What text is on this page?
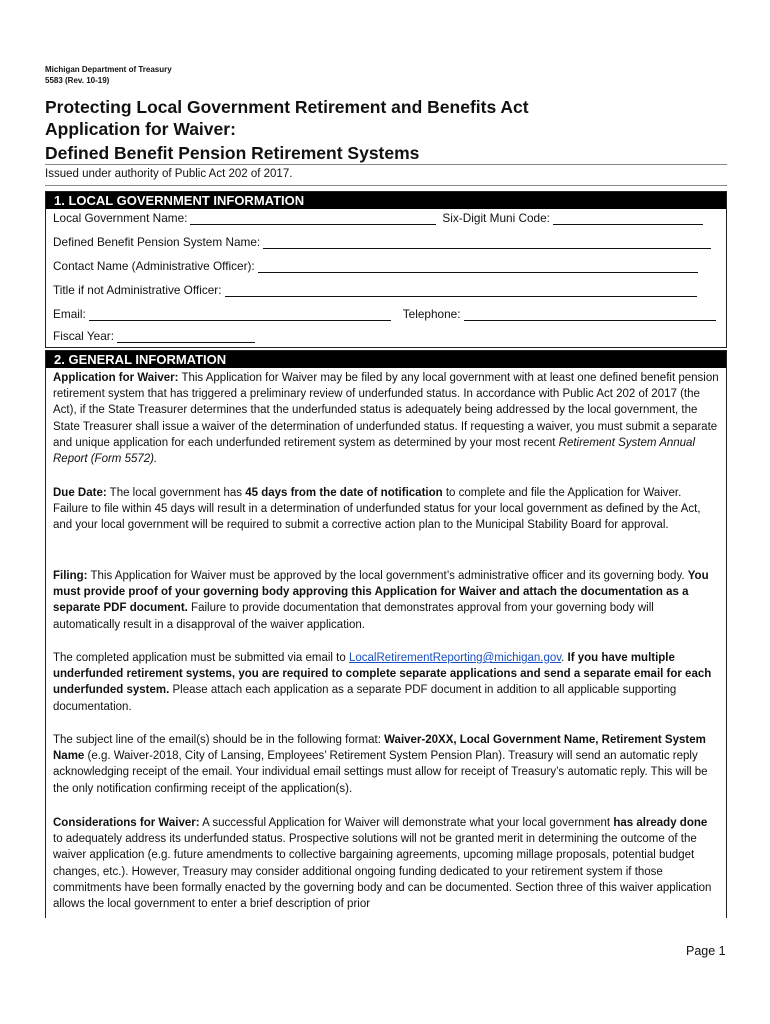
Michigan Department of Treasury
5583 (Rev. 10-19)
Protecting Local Government Retirement and Benefits Act
Application for Waiver:
Defined Benefit Pension Retirement Systems
Issued under authority of Public Act 202 of 2017.
1. LOCAL GOVERNMENT INFORMATION
Local Government Name:	Six-Digit Muni Code:
Defined Benefit Pension System Name:
Contact Name (Administrative Officer):
Title if not Administrative Officer:
Email:	Telephone:
Fiscal Year:
2. GENERAL INFORMATION
Application for Waiver: This Application for Waiver may be filed by any local government with at least one defined benefit pension retirement system that has triggered a preliminary review of underfunded status. In accordance with Public Act 202 of 2017 (the Act), if the State Treasurer determines that the underfunded status is adequately being addressed by the local government, the State Treasurer shall issue a waiver of the determination of underfunded status. If requesting a waiver, you must submit a separate and unique application for each underfunded retirement system as determined by your most recent Retirement System Annual Report (Form 5572).
Due Date: The local government has 45 days from the date of notification to complete and file the Application for Waiver. Failure to file within 45 days will result in a determination of underfunded status for your local government as defined by the Act, and your local government will be required to submit a corrective action plan to the Municipal Stability Board for approval.
Filing: This Application for Waiver must be approved by the local government’s administrative officer and its governing body. You must provide proof of your governing body approving this Application for Waiver and attach the documentation as a separate PDF document. Failure to provide documentation that demonstrates approval from your governing body will automatically result in a disapproval of the waiver application.
The completed application must be submitted via email to LocalRetirementReporting@michigan.gov. If you have multiple underfunded retirement systems, you are required to complete separate applications and send a separate email for each underfunded system. Please attach each application as a separate PDF document in addition to all applicable supporting documentation.
The subject line of the email(s) should be in the following format: Waiver-20XX, Local Government Name, Retirement System Name (e.g. Waiver-2018, City of Lansing, Employees’ Retirement System Pension Plan). Treasury will send an automatic reply acknowledging receipt of the email. Your individual email settings must allow for receipt of Treasury’s automatic reply. This will be the only notification confirming receipt of the application(s).
Considerations for Waiver: A successful Application for Waiver will demonstrate what your local government has already done to adequately address its underfunded status. Prospective solutions will not be granted merit in determining the outcome of the waiver application (e.g. future amendments to collective bargaining agreements, upcoming millage proposals, potential budget changes, etc.). However, Treasury may consider additional ongoing funding dedicated to your retirement system if those commitments have been formally enacted by the governing body and can be documented. Section three of this waiver application allows the local government to enter a brief description of prior
Page 1
